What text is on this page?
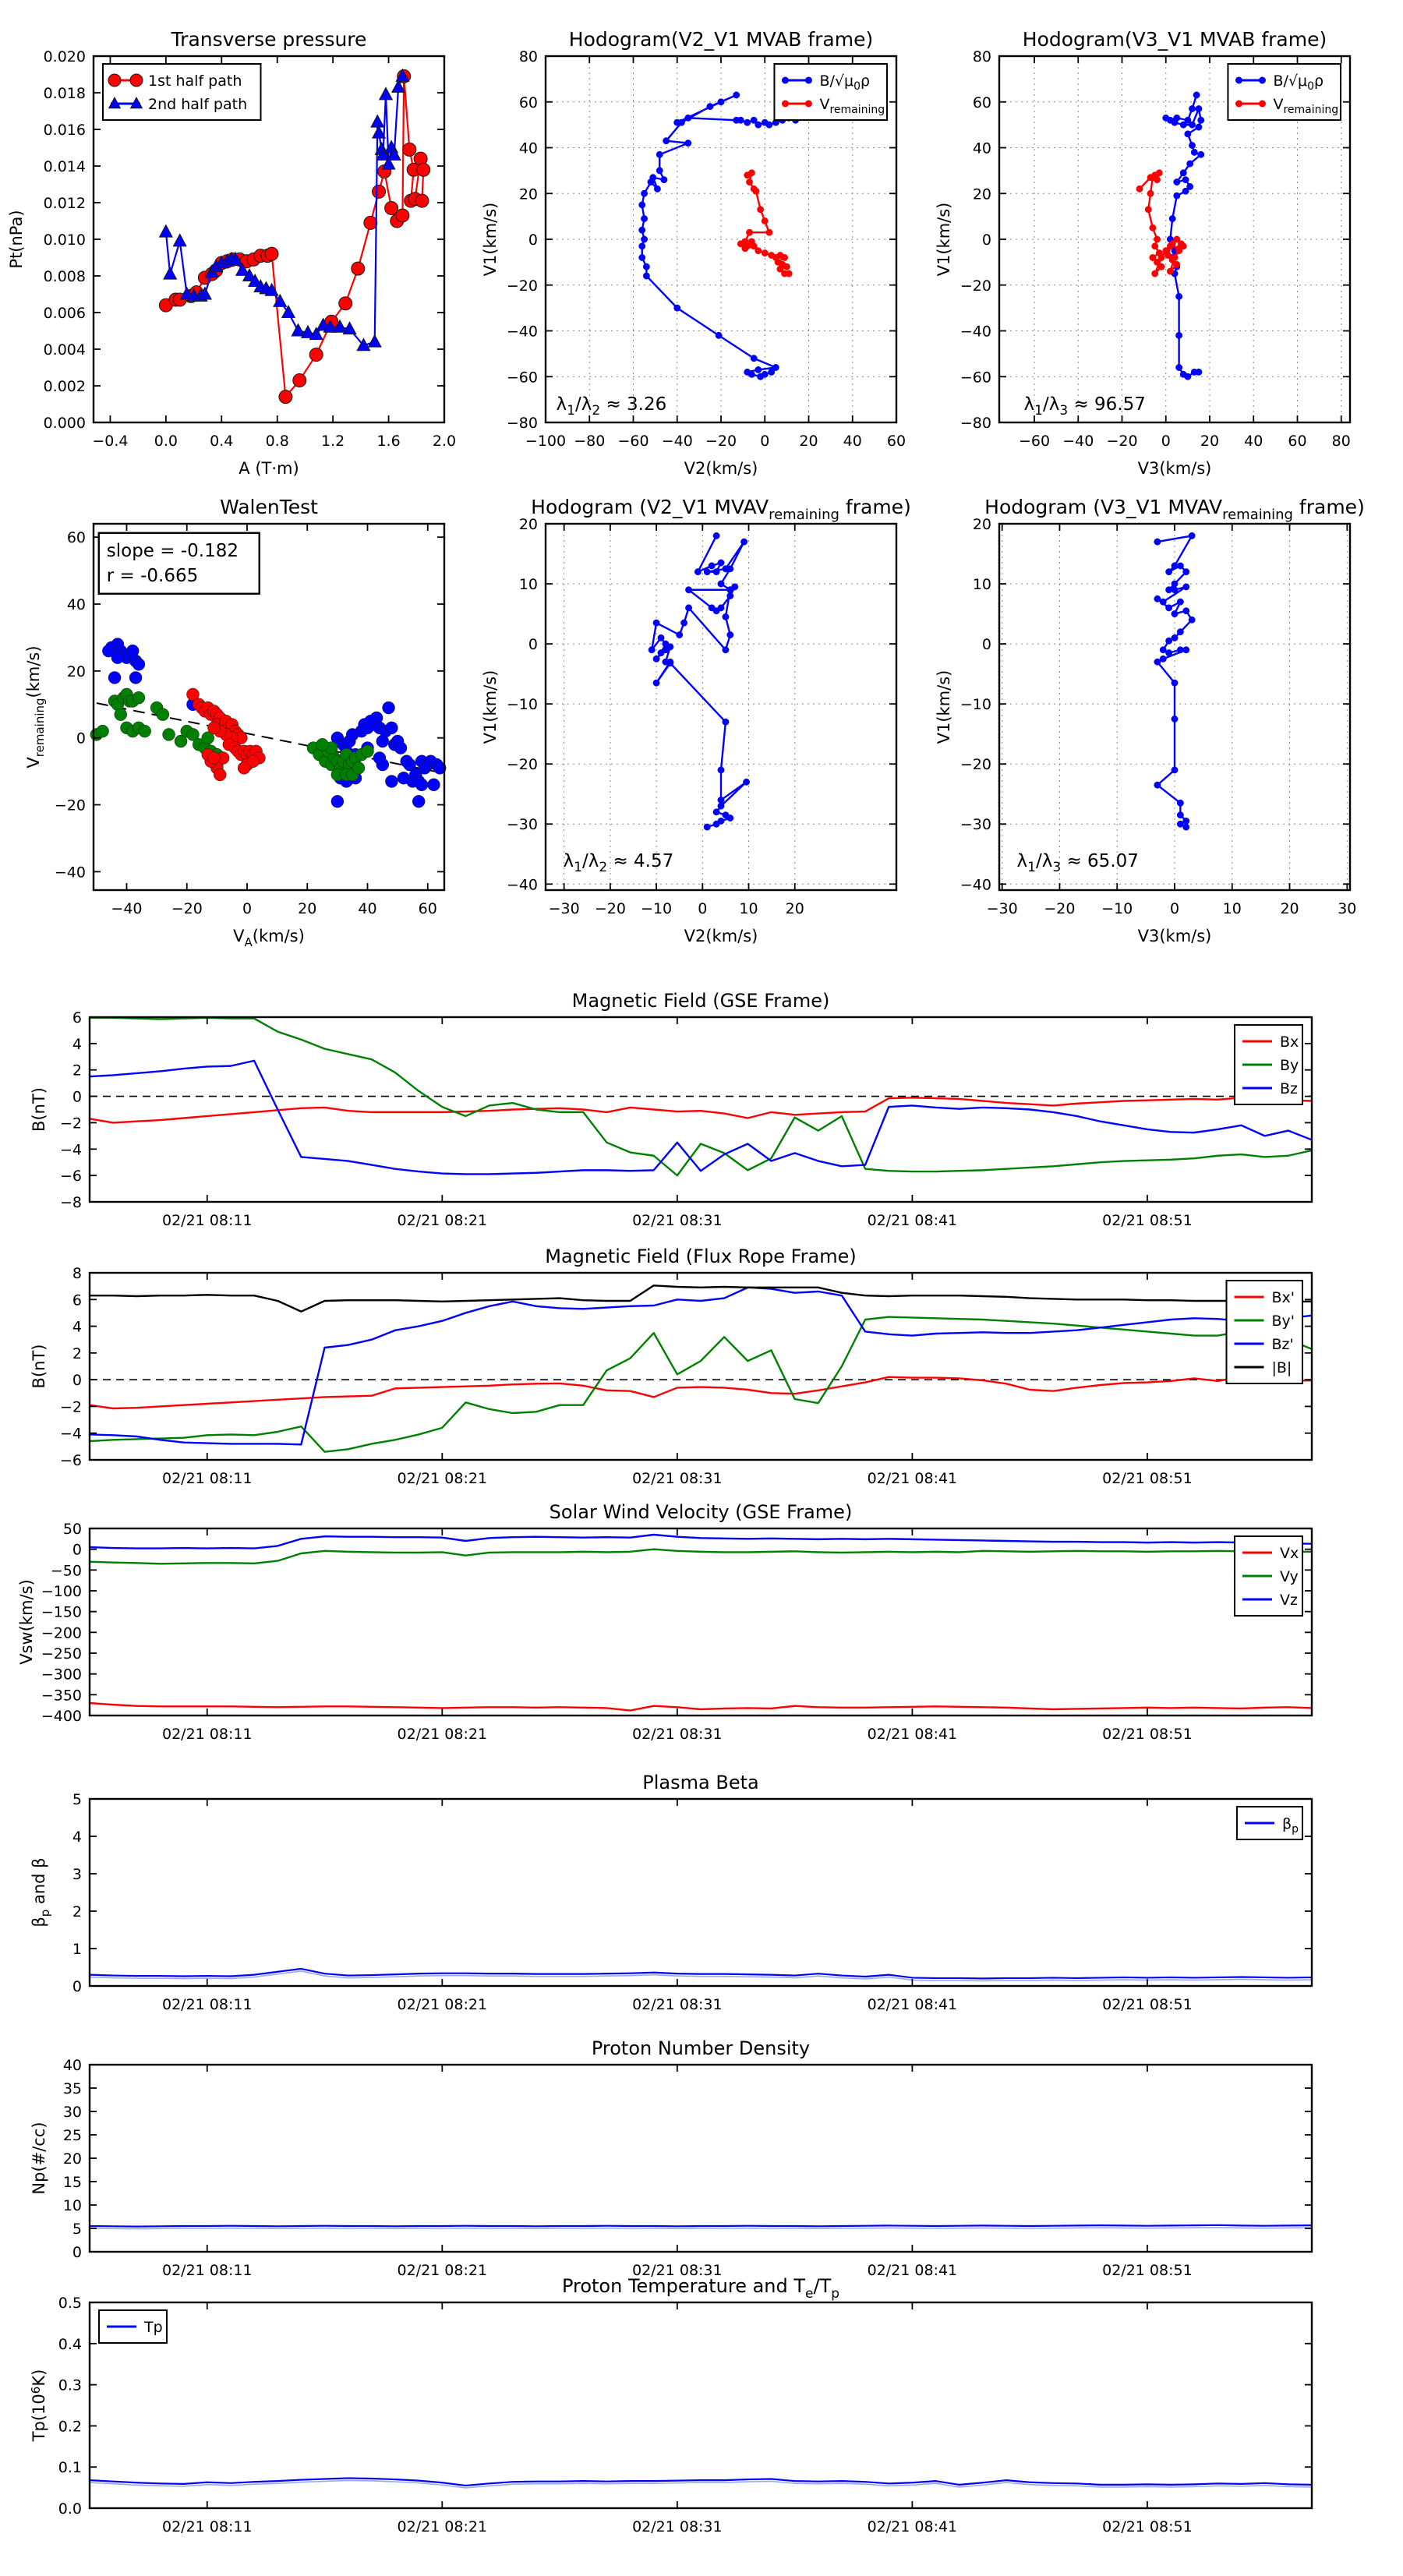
−0.4 0.0 0.4 0.8 1.2 1.6 2.0
0.000
0.002
0.004
0.006
0.008
0.010
0.012
0.014
0.016
0.018
0.020
Transverse pressure
A (T·m)
Pt(nPa)
1st half path
2nd half path
−100 −80 −60 −40 −20 0 20 40 60
−80
−60
−40
−20
0
20
40
60
80
Hodogram(V2_V1 MVAB frame)
V2(km/s)
V1(km/s)
$B/√\mu_0\rho$
$V_{remaining}$
$\lambda_1/\lambda_2 \approx 3.26$
−60 −40 −20 0 20 40 60 80
−80
−60
−40
−20
0
20
40
60
80
Hodogram(V3_V1 MVAB frame)
V3(km/s)
V1(km/s)
$B/√\mu_0\rho$
$V_{remaining}$
$\lambda_1/\lambda_3 \approx 96.57$
−40 −20	0	20	40	60
−40
−20
0
20
40
60
WalenTest
$V_A(km/s)$
$V_{remaining}(km/s)$
slope = -0.182
r = -0.665
−30 −20 −10 0 10 20
−40
−30
−20
−10
0
10
20
Hodogram (V2_V1 $MVAV_{remaining}$ frame)
V2(km/s)
V1(km/s)
$\lambda_1/\lambda_2 \approx 4.57$
−30 −20 −10	0	10	20	30
−40
−30
−20
−10
0
10
20
Hodogram (V3_V1 $MVAV_{remaining}$ frame)
V3(km/s)
V1(km/s)
$\lambda_1/\lambda_3 \approx 65.07$
02/21 08:11	02/21 08:21	02/21 08:31	02/21 08:41	02/21 08:51
−8
−6
−4
−2
0
2
4
6
Magnetic Field (GSE Frame)
B(nT)
Bx
By
Bz
02/21 08:11	02/21 08:21	02/21 08:31	02/21 08:41	02/21 08:51
−6
−4
−2
0
2
4
6
8
Magnetic Field (Flux Rope Frame)
B(nT)
Bx'
By'
Bz'
|B|
02/21 08:11	02/21 08:21	02/21 08:31	02/21 08:41	02/21 08:51
−400
−350
−300
−250
−200
−150
−100
−50
0
50
Solar Wind Velocity (GSE Frame)
Vsw(km/s)
Vx
Vy
Vz
02/21 08:11	02/21 08:21	02/21 08:31	02/21 08:41	02/21 08:51
0
1
2
3
4
5
Plasma Beta
$\beta_p$ and β
$\beta_p$
02/21 08:11	02/21 08:21	02/21 08:31	02/21 08:41	02/21 08:51
0
5
10
15
20
25
30
35
40
Proton Number Density
Np(#/cc)
02/21 08:11	02/21 08:21	02/21 08:31	02/21 08:41	02/21 08:51
0.0
0.1
0.2
0.3
0.4
0.5
Proton Temperature and $T_e/T_p$
$Tp(10^6K)$
Tp
